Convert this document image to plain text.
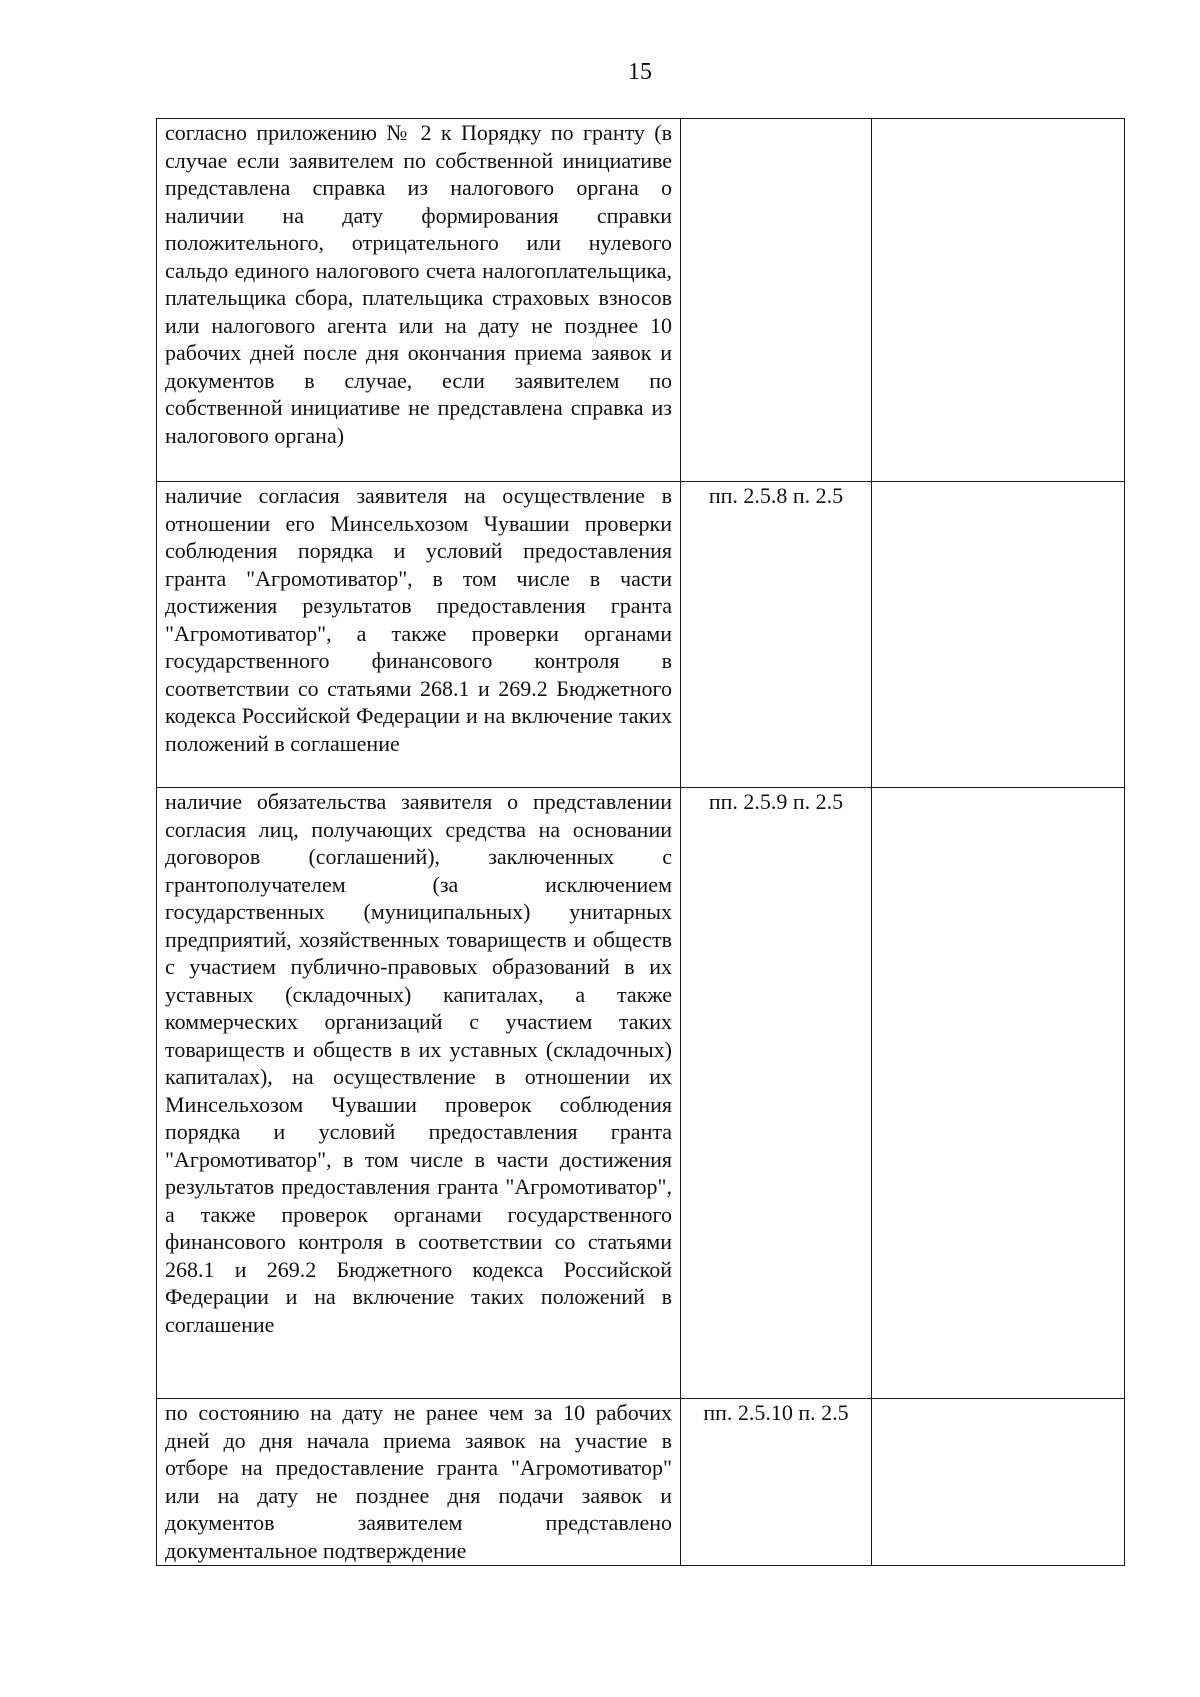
15
согласно приложению № 2 к Порядку по гранту (в случае если заявителем по собственной инициативе представлена справка из налогового органа о наличии на дату формирования справки положительного, отрицательного или нулевого сальдо единого налогового счета налогоплательщика, плательщика сбора, плательщика страховых взносов или налогового агента или на дату не позднее 10 рабочих дней после дня окончания приема заявок и документов в случае, если заявителем по собственной инициативе не представлена справка из налогового органа)		

наличие согласия заявителя на осуществление в отношении его Минсельхозом Чувашии проверки соблюдения порядка и условий предоставления гранта "Агромотиватор", в том числе в части достижения результатов предоставления гранта "Агромотиватор", а также проверки органами государственного финансового контроля в соответствии со статьями 268.1 и 269.2 Бюджетного кодекса Российской Федерации и на включение таких положений в соглашение	пп. 2.5.8 п. 2.5	

наличие обязательства заявителя о представлении согласия лиц, получающих средства на основании договоров (соглашений), заключенных с грантополучателем (за исключением государственных (муниципальных) унитарных предприятий, хозяйственных товариществ и обществ с участием публично-правовых образований в их уставных (складочных) капиталах, а также коммерческих организаций с участием таких товариществ и обществ в их уставных (складочных) капиталах), на осуществление в отношении их Минсельхозом Чувашии проверок соблюдения порядка и условий предоставления гранта "Агромотиватор", в том числе в части достижения результатов предоставления гранта "Агромотиватор", а также проверок органами государственного финансового контроля в соответствии со статьями 268.1 и 269.2 Бюджетного кодекса Российской Федерации и на включение таких положений в соглашение	пп. 2.5.9 п. 2.5	

по состоянию на дату не ранее чем за 10 рабочих дней до дня начала приема заявок на участие в отборе на предоставление гранта "Агромотиватор" или на дату не позднее дня подачи заявок и документов заявителем представлено документальное подтверждение	пп. 2.5.10 п. 2.5	
